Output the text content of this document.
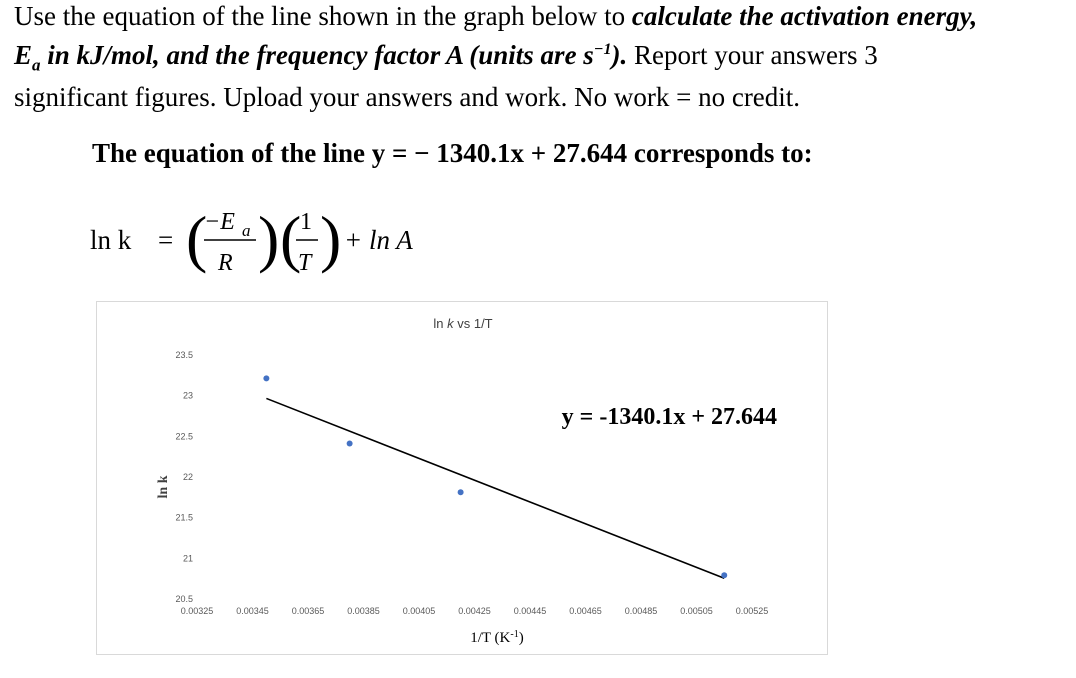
Use the equation of the line shown in the graph below to calculate the activation energy,
$E_a$ in kJ/mol, and the frequency factor A (units are $s^{-1}$). Report your answers 3
significant figures. Upload your answers and work. No work = no credit.
The equation of the line y = − 1340.1x + 27.644 corresponds to:
ln k = (
−E a
R ) (
1
T ) + ln A
ln k vs 1/T
ln k
1/T $(K^{-1})$
23.5
23
22.5
22
21.5
21
20.5
0.00325	0.00345	0.00365	0.00385	0.00405	0.00425	0.00445	0.00465	0.00485	0.00505	0.00525
y = -1340.1x + 27.644
